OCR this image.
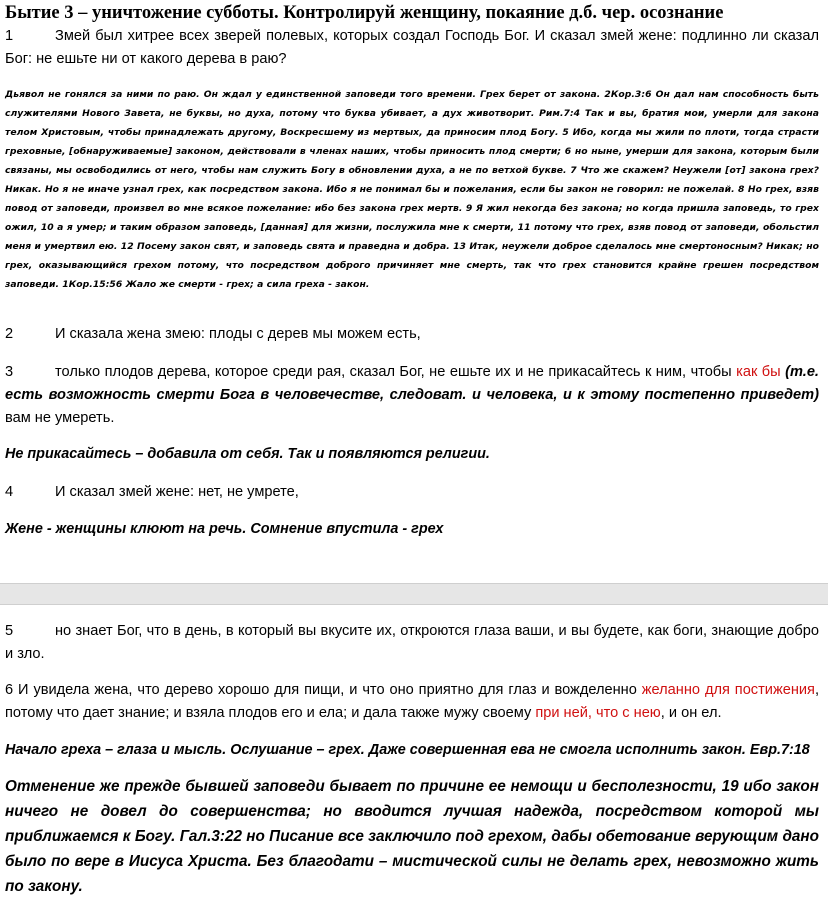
Бытие 3 – уничтожение субботы. Контролируй женщину, покаяние д.б. чер. осознание
1	Змей был хитрее всех зверей полевых, которых создал Господь Бог. И сказал змей жене: подлинно ли сказал Бог: не ешьте ни от какого дерева в раю?
Дьявол не гонялся за ними по раю. Он ждал у единственной заповеди того времени. Грех берет от закона. 2Кор.3:6 Он дал нам способность быть служителями Нового Завета, не буквы, но духа, потому что буква убивает, а дух животворит. Рим.7:4 Так и вы, братия мои, умерли для закона телом Христовым, чтобы принадлежать другому, Воскресшему из мертвых, да приносим плод Богу. 5 Ибо, когда мы жили по плоти, тогда страсти греховные, [обнаруживаемые] законом, действовали в членах наших, чтобы приносить плод смерти; 6 но ныне, умерши для закона, которым были связаны, мы освободились от него, чтобы нам служить Богу в обновлении духа, а не по ветхой букве. 7 Что же скажем? Неужели [от] закона грех? Никак. Но я не иначе узнал грех, как посредством закона. Ибо я не понимал бы и пожелания, если бы закон не говорил: не пожелай. 8 Но грех, взяв повод от заповеди, произвел во мне всякое пожелание: ибо без закона грех мертв. 9 Я жил некогда без закона; но когда пришла заповедь, то грех ожил, 10 а я умер; и таким образом заповедь, [данная] для жизни, послужила мне к смерти, 11 потому что грех, взяв повод от заповеди, обольстил меня и умертвил ею. 12 Посему закон свят, и заповедь свята и праведна и добра. 13 Итак, неужели доброе сделалось мне смертоносным? Никак; но грех, оказывающийся грехом потому, что посредством доброго причиняет мне смерть, так что грех становится крайне грешен посредством заповеди. 1Кор.15:56 Жало же смерти - грех; а сила греха - закон.
2	И сказала жена змею: плоды с дерев мы можем есть,
3	только плодов дерева, которое среди рая, сказал Бог, не ешьте их и не прикасайтесь к ним, чтобы как бы (т.е. есть возможность смерти Бога в человечестве, следоват. и человека, и к этому постепенно приведет) вам не умереть.
Не прикасайтесь – добавила от себя. Так и появляются религии.
4	И сказал змей жене: нет, не умрете,
Жене - женщины клюют на речь. Сомнение впустила - грех
5	но знает Бог, что в день, в который вы вкусите их, откроются глаза ваши, и вы будете, как боги, знающие добро и зло.
6 И увидела жена, что дерево хорошо для пищи, и что оно приятно для глаз и вожделенно желанно для постижения, потому что дает знание; и взяла плодов его и ела; и дала также мужу своему при ней, что с нею, и он ел.
Начало греха – глаза и мысль. Ослушание – грех. Даже совершенная ева не смогла исполнить закон. Евр.7:18
Отменение же прежде бывшей заповеди бывает по причине ее немощи и бесполезности, 19 ибо закон ничего не довел до совершенства; но вводится лучшая надежда, посредством которой мы приближаемся к Богу. Гал.3:22 но Писание все заключило под грехом, дабы обетование верующим дано было по вере в Иисуса Христа. Без благодати – мистической силы не делать грех, невозможно жить по закону.
